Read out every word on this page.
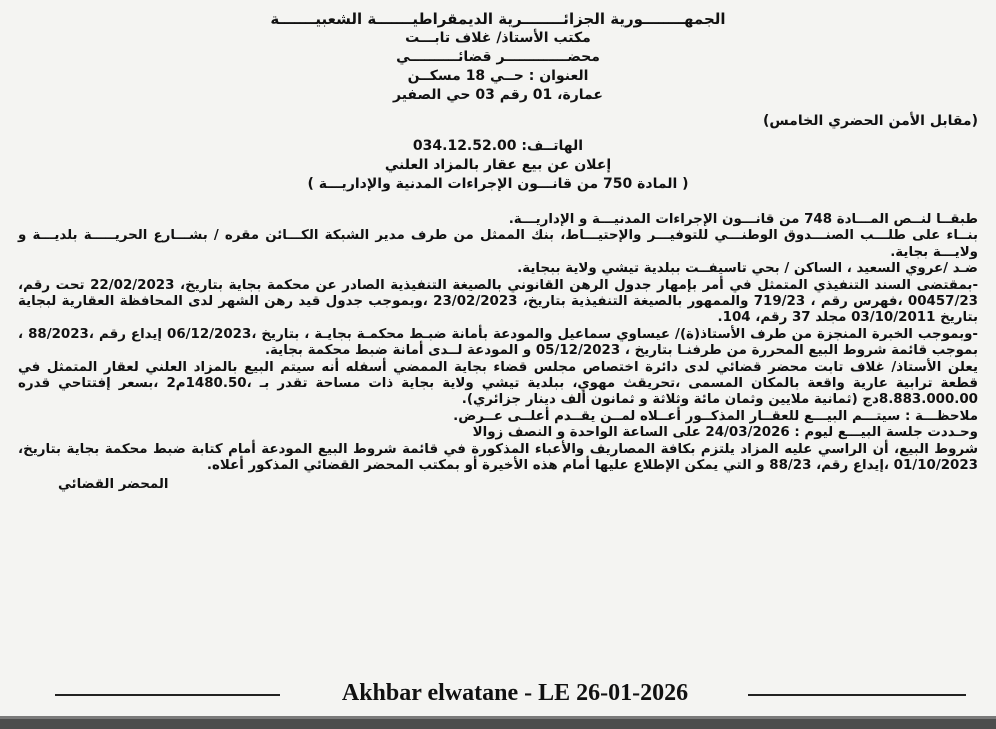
الجمهــــــــورية الجزائــــــــرية الديمقراطيـــــــة الشعبيـــــــة

مكتب الأستاذ/ غلاف تابـــت

محضـــــــــــــر قضائــــــــــي

العنوان : حــي 18 مسكــن

عمارة، 01 رقم 03 حي الصفير

(مقابل الأمن الحضري الخامس)

الهاتــف: 034.12.52.00

إعلان عن بيع عقار بالمزاد العلني

( المادة 750 من قانـــون الإجراءات المدنية والإداريـــة )

طبقــا لنــص المـــادة 748 من قانـــون الإجراءات المدنيـــة و الإداريـــة.

بنــاء على طلـــب الصنـــدوق الوطنـــي للتوفيـــر والإحتيـــاط، بنك الممثل من طرف مدير الشبكة الكـــائن مقره / بشـــارع الحريـــــة بلديـــة و ولايـــة بجاية.

ضـد /عروي السعيد ، الساكن / بحي تاسيفــت ببلدية تيشي ولاية ببجاية.

-بمقتضى السند التنفيذي المتمثل في أمر بإمهار جدول الرهن القانوني بالصيغة التنفيذية الصادر عن محكمة بجاية بتاريخ، 22/02/2023 تحت رقم، 00457/23 ،فهرس رقم ، 719/23 والممهور بالصيغة التنفيذية بتاريخ، 23/02/2023 ،وبموجب جدول قيد رهن الشهر لدى المحافظة العقارية لبجاية بتاريخ 03/10/2011 مجلد 37 رقم، 104.

-وبموجب الخبرة المنجزة من طرف الأستاذ(ة)/ عيساوي سماعيل والمودعة بأمانة ضبـط محكمـة بجايـة ، بتاريخ ،06/12/2023 إيداع رقم ،88/2023 ، بموجب قائمة شروط البيع المحررة من طرفنـا بتاريخ ، 05/12/2023 و المودعة لــدى أمانة ضبط محكمة بجاية.

يعلن الأستاذ/ غلاف تابت محضر قضائي لدى دائرة اختصاص مجلس قضاء بجاية الممضي أسفله أنه سيتم البيع بالمزاد العلني لعقار المتمثل في قطعة ترابية عارية واقعة بالمكان المسمى ،تحريقث مهوي، ببلدية تيشي ولاية بجاية ذات مساحة تقدر بـ ،1480.50م2 ،بسعر إفتتاحي قدره 8.883.000.00دج (ثمانية ملايين وثمان مائة وثلاثة و ثمانون ألف دينار جزائري).

ملاحظـــة : سيتـــم البيـــع للعقــار المذكــور أعــلاه لمــن يقــدم أعلــى عــرض.

وحـددت جلسة البيـــع ليوم : 24/03/2026 على الساعة الواحدة و النصف زوالا

شروط البيع، أن الراسي عليه المزاد يلتزم بكافة المصاريف والأعباء المذكورة في قائمة شروط البيع المودعة أمام كتابة ضبط محكمة بجاية بتاريخ، 01/10/2023 ،إيداع رقم، 88/23 و التي يمكن الإطلاع عليها أمام هذه الأخيرة أو بمكتب المحضر القضائي المذكور أعلاه.

المحضر القضائي

Akhbar elwatane - LE 26-01-2026
